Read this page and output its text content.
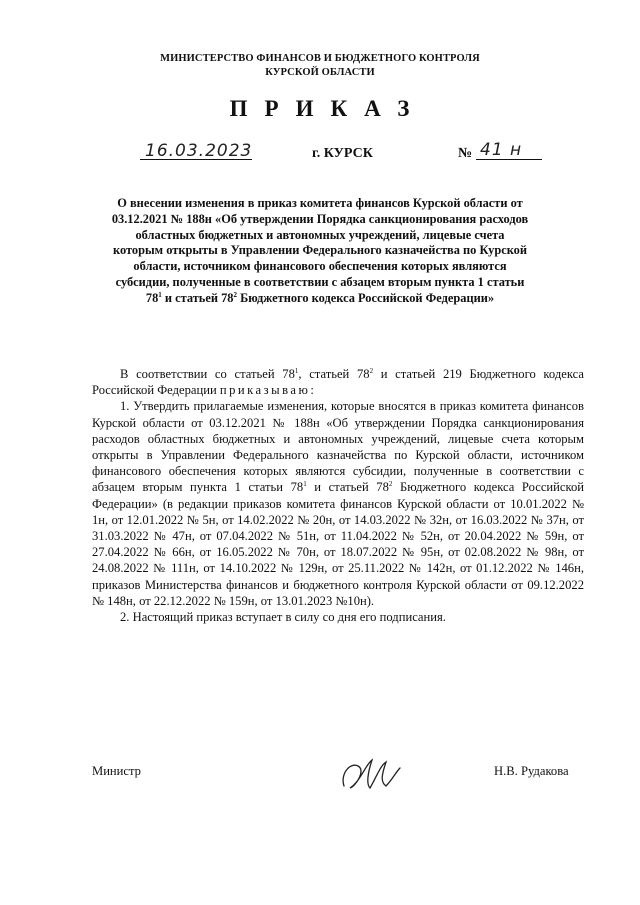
МИНИСТЕРСТВО ФИНАНСОВ И БЮДЖЕТНОГО КОНТРОЛЯ
КУРСКОЙ ОБЛАСТИ
ПРИКАЗ
16.03.2023	г. КУРСК	№ 41 н
О внесении изменения в приказ комитета финансов Курской области от 03.12.2021 № 188н «Об утверждении Порядка санкционирования расходов областных бюджетных и автономных учреждений, лицевые счета которым открыты в Управлении Федерального казначейства по Курской области, источником финансового обеспечения которых являются субсидии, полученные в соответствии с абзацем вторым пункта 1 статьи $78^1$ и статьей $78^2$ Бюджетного кодекса Российской Федерации»

В соответствии со статьей $78^1$, статьей $78^2$ и статьей 219 Бюджетного кодекса Российской Федерации приказываю:

1. Утвердить прилагаемые изменения, которые вносятся в приказ комитета финансов Курской области от 03.12.2021 № 188н «Об утверждении Порядка санкционирования расходов областных бюджетных и автономных учреждений, лицевые счета которым открыты в Управлении Федерального казначейства по Курской области, источником финансового обеспечения которых являются субсидии, полученные в соответствии с абзацем вторым пункта 1 статьи $78^1$ и статьей $78^2$ Бюджетного кодекса Российской Федерации» (в редакции приказов комитета финансов Курской области от 10.01.2022 № 1н, от 12.01.2022 № 5н, от 14.02.2022 № 20н, от 14.03.2022 № 32н, от 16.03.2022 № 37н, от 31.03.2022 № 47н, от 07.04.2022 № 51н, от 11.04.2022 № 52н, от 20.04.2022 № 59н, от 27.04.2022 № 66н, от 16.05.2022 № 70н, от 18.07.2022 № 95н, от 02.08.2022 № 98н, от 24.08.2022 № 111н, от 14.10.2022 № 129н, от 25.11.2022 № 142н, от 01.12.2022 № 146н, приказов Министерства финансов и бюджетного контроля Курской области от 09.12.2022 № 148н, от 22.12.2022 № 159н, от 13.01.2023 №10н).

2. Настоящий приказ вступает в силу со дня его подписания.

Министр	Н.В. Рудакова
